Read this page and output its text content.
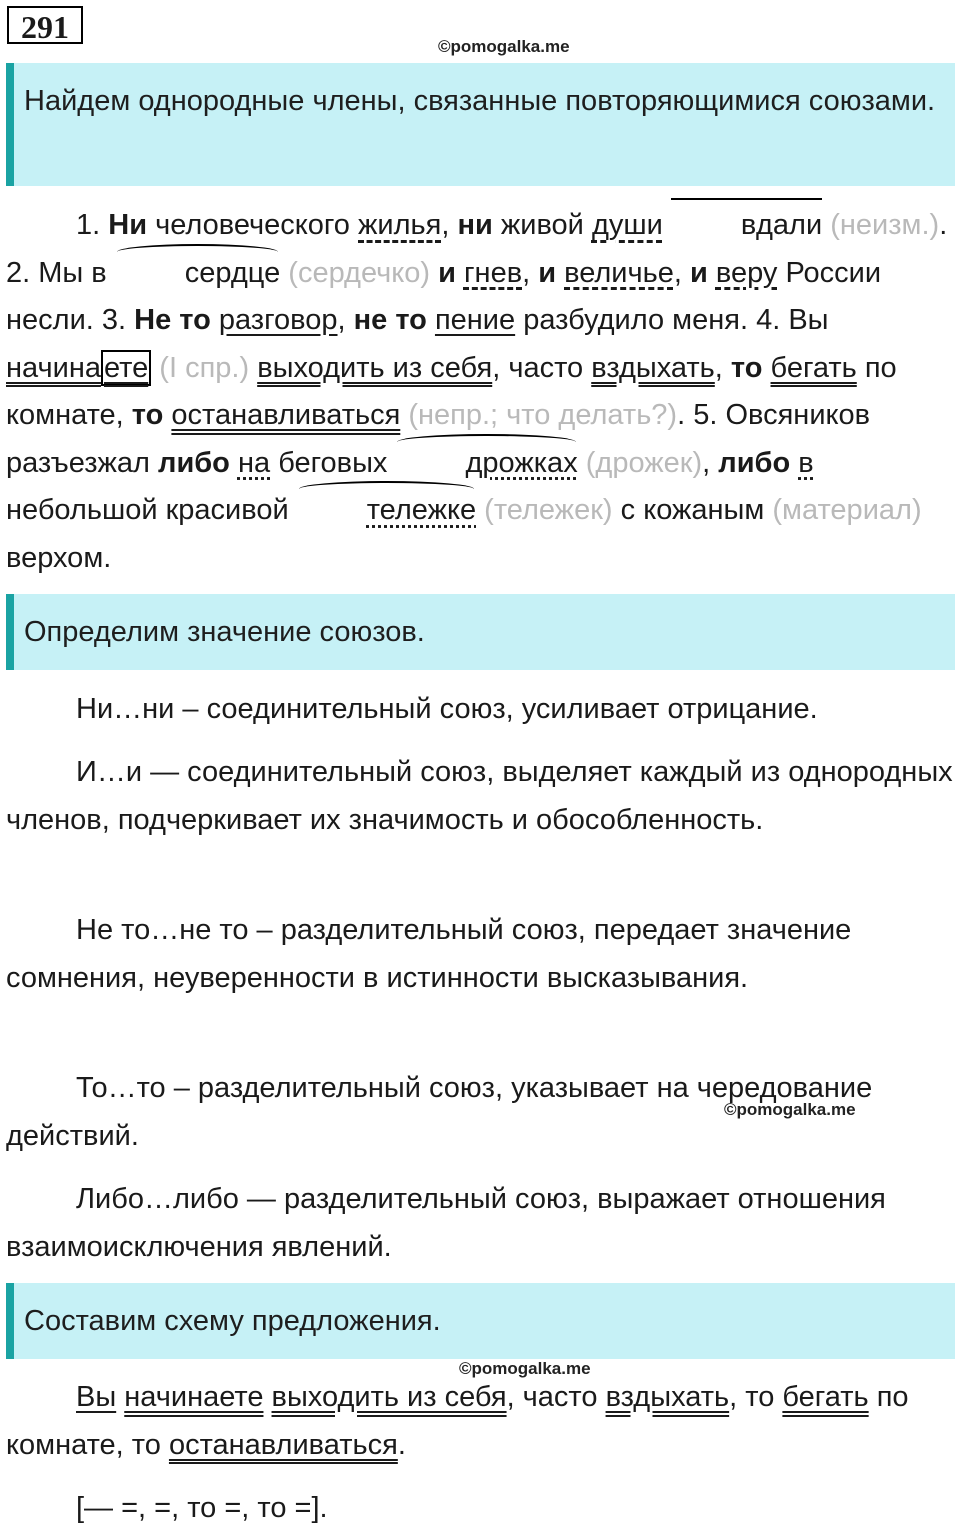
291
©pomogalka.me
Найдем однородные члены, связанные повторяющимися союзами.
1. Ни человеческого жилья, ни живой души	вдали (неизм.). 2. Мы в	сердце (сердечко) и гнев, и величье, и веру России несли. 3. Не то разговор, не то пение разбудило меня. 4. Вы начина ете (I спр.) выходить из себя, часто вздыхать, то бегать по комнате, то останавливаться (непр.; что делать?). 5. Овсяников разъезжал либо на беговых	дрожках (дрожек), либо в небольшой красивой	тележке (тележек) с кожаным (материал) верхом.
Определим значение союзов.
Ни…ни – соединительный союз, усиливает отрицание.
И…и — соединительный союз, выделяет каждый из однородных членов, подчеркивает их значимость и обособленность.
Не то…не то – разделительный союз, передает значение сомнения, неуверенности в истинности высказывания.
То…то – разделительный союз, указывает на чередование действий.
©pomogalka.me
Либо…либо — разделительный союз, выражает отношения взаимоисключения явлений.
Составим схему предложения.
©pomogalka.me
Вы начинаете выходить из себя, часто вздыхать, то бегать по комнате, то останавливаться.
[— =, =, то =, то =].
